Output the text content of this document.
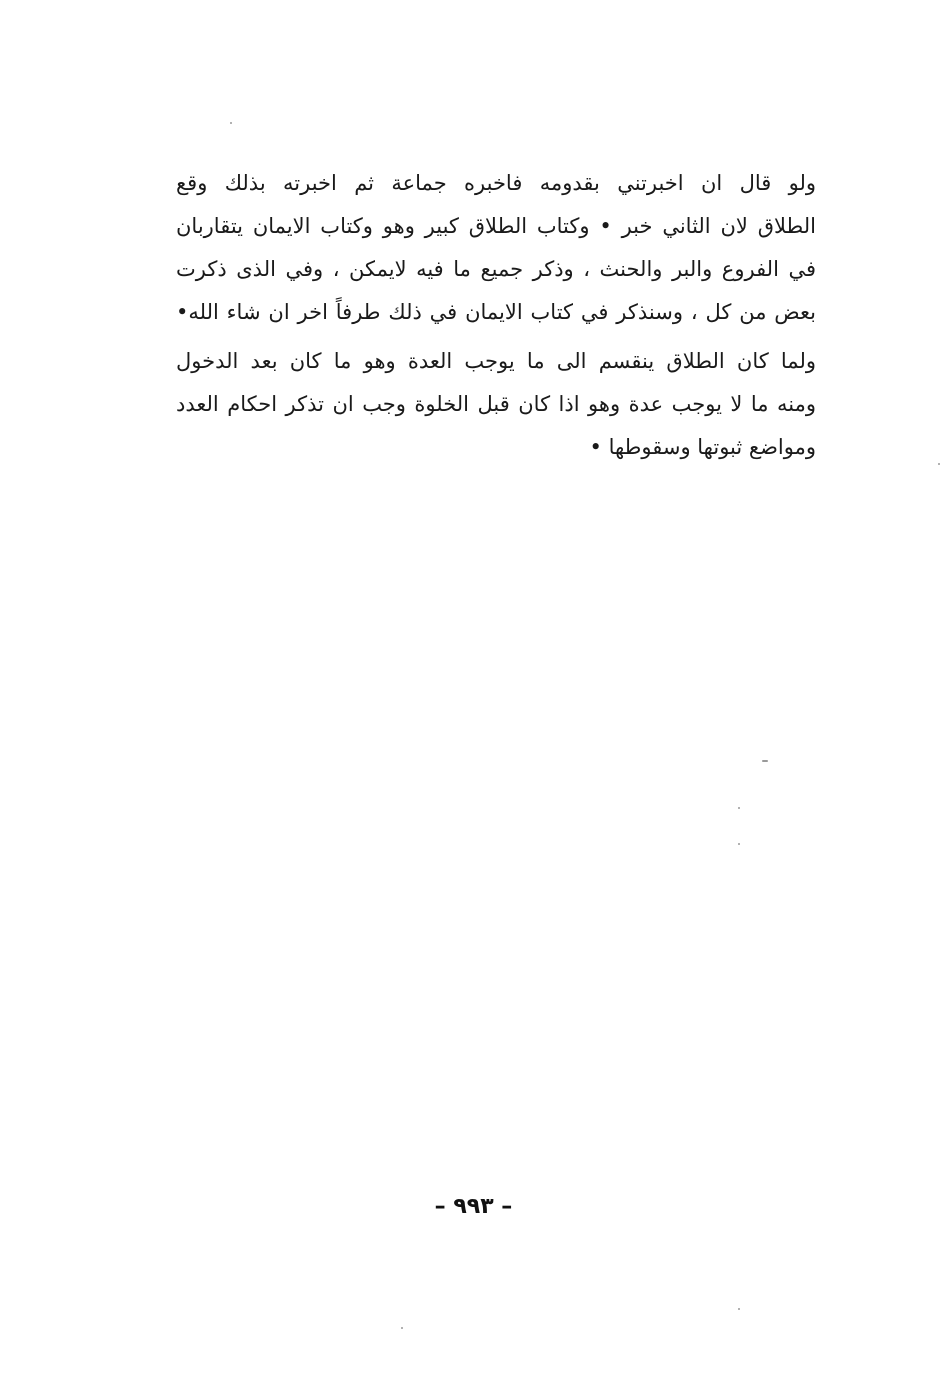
ولو قال ان اخبرتني بقدومه فاخبره جماعة ثم اخبرته بذلك وقع
الطلاق لان الثاني خبر • وكتاب الطلاق كبير وهو وكتاب الايمان يتقاربان
في الفروع والبر والحنث ، وذكر جميع ما فيه لايمكن ، وفي الذى ذكرت
بعض من كل ، وسنذكر في كتاب الايمان في ذلك طرفاً اخر ان شاء الله•
ولما كان الطلاق ينقسم الى ما يوجب العدة وهو ما كان بعد الدخول
ومنه ما لا يوجب عدة وهو اذا كان قبل الخلوة وجب ان تذكر احكام العدد
ومواضع ثبوتها وسقوطها •
– ٩٩٣ –
